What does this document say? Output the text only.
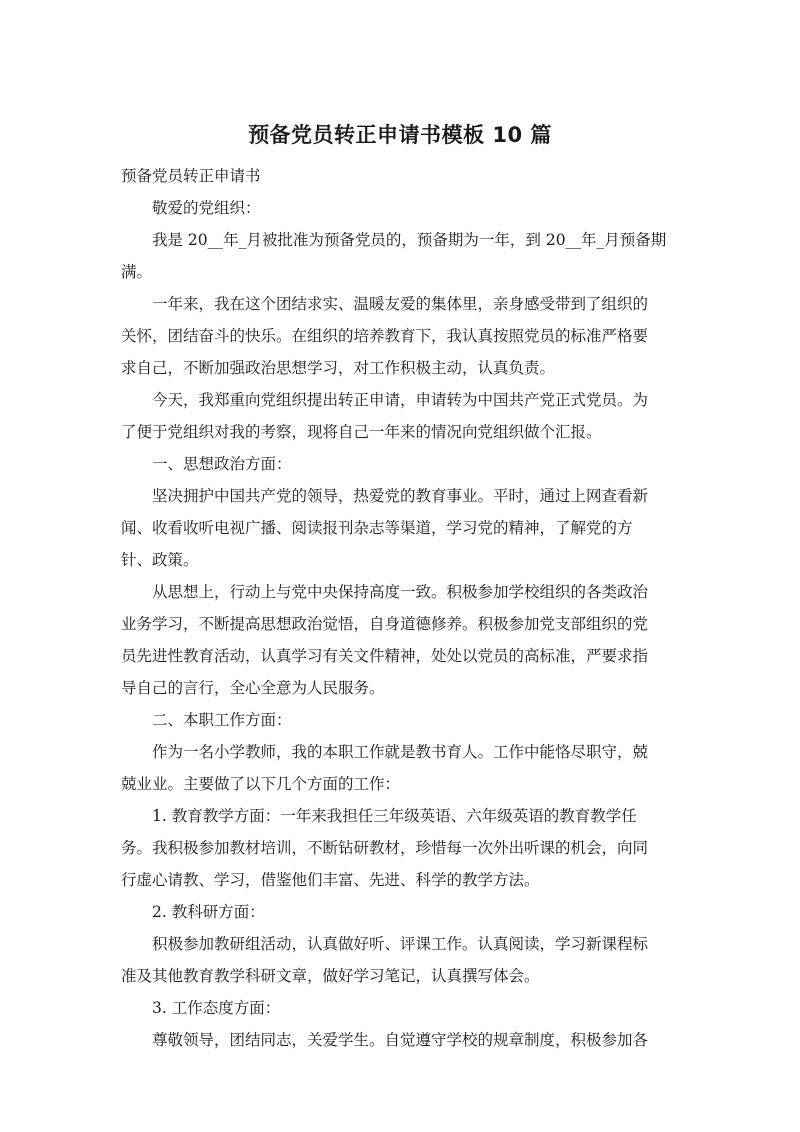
预备党员转正申请书模板 10 篇
预备党员转正申请书
敬爱的党组织：
我是 20__年_月被批准为预备党员的，预备期为一年，到 20__年_月预备期
满。
一年来，我在这个团结求实、温暖友爱的集体里，亲身感受带到了组织的
关怀，团结奋斗的快乐。在组织的培养教育下，我认真按照党员的标准严格要
求自己，不断加强政治思想学习，对工作积极主动，认真负责。
今天，我郑重向党组织提出转正申请，申请转为中国共产党正式党员。为
了便于党组织对我的考察，现将自己一年来的情况向党组织做个汇报。
一、思想政治方面：
坚决拥护中国共产党的领导，热爱党的教育事业。平时，通过上网查看新
闻、收看收听电视广播、阅读报刊杂志等渠道，学习党的精神，了解党的方
针、政策。
从思想上，行动上与党中央保持高度一致。积极参加学校组织的各类政治
业务学习，不断提高思想政治觉悟，自身道德修养。积极参加党支部组织的党
员先进性教育活动，认真学习有关文件精神，处处以党员的高标准，严要求指
导自己的言行，全心全意为人民服务。
二、本职工作方面：
作为一名小学教师，我的本职工作就是教书育人。工作中能恪尽职守，兢
兢业业。主要做了以下几个方面的工作：
1. 教育教学方面：一年来我担任三年级英语、六年级英语的教育教学任
务。我积极参加教材培训，不断钻研教材，珍惜每一次外出听课的机会，向同
行虚心请教、学习，借鉴他们丰富、先进、科学的教学方法。
2. 教科研方面：
积极参加教研组活动，认真做好听、评课工作。认真阅读，学习新课程标
准及其他教育教学科研文章，做好学习笔记，认真撰写体会。
3. 工作态度方面：
尊敬领导，团结同志，关爱学生。自觉遵守学校的规章制度，积极参加各
